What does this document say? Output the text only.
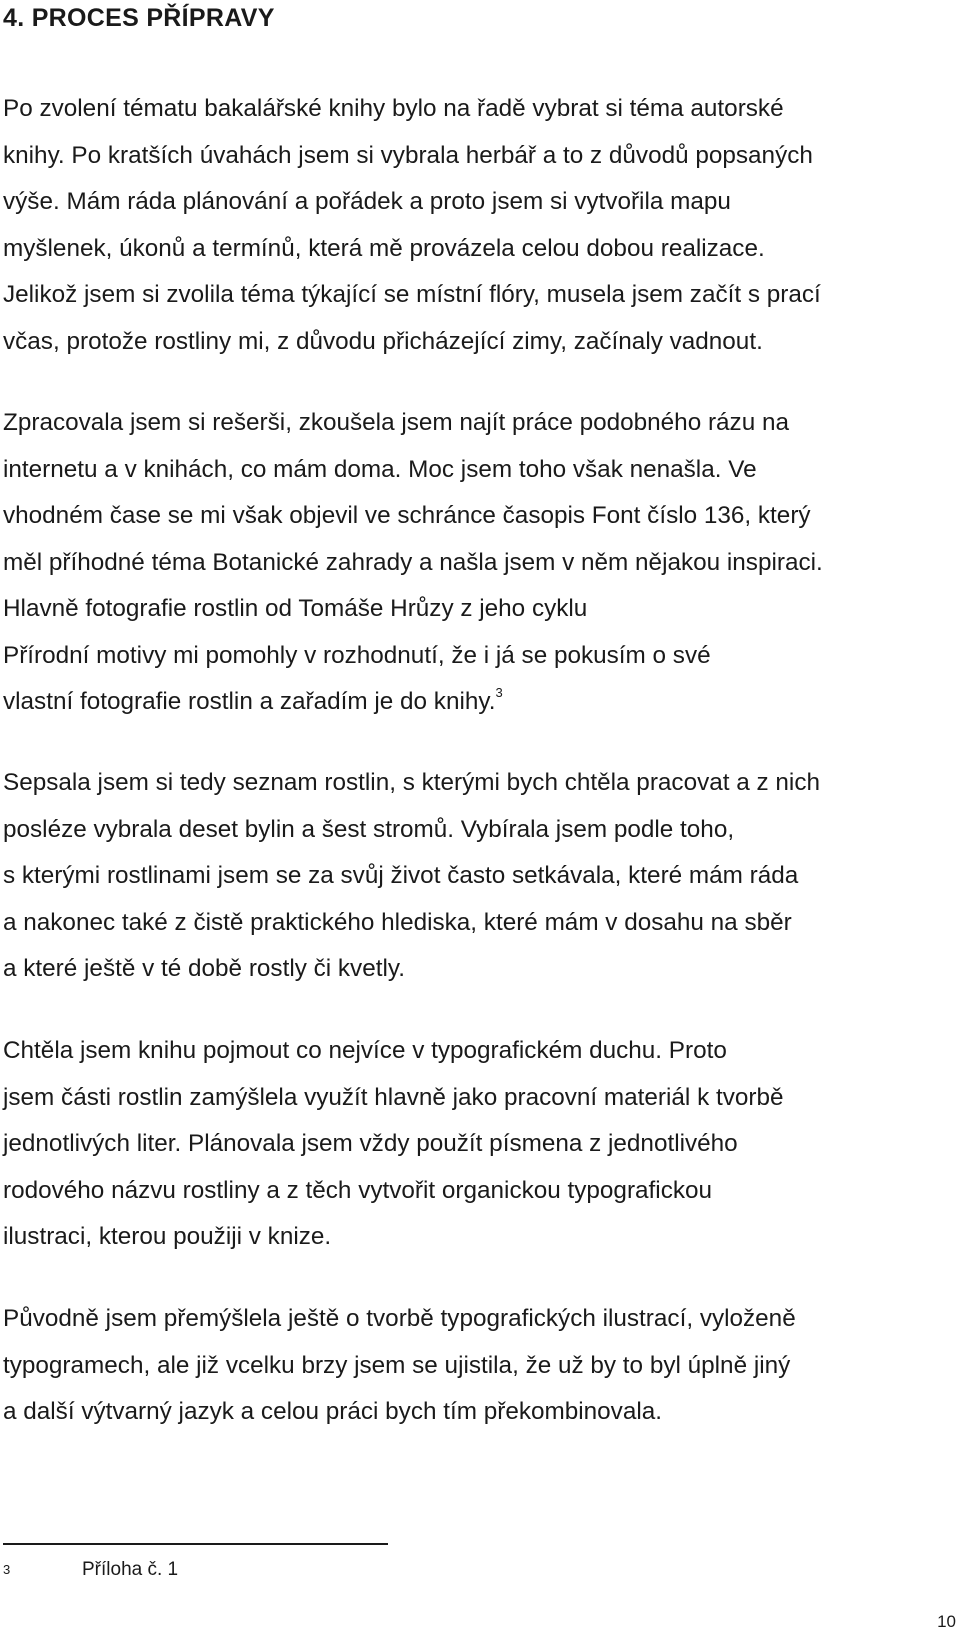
4. PROCES PŘÍPRAVY
Po zvolení tématu bakalářské knihy bylo na řadě vybrat si téma autorské
knihy. Po kratších úvahách jsem si vybrala herbář a to z důvodů popsaných
výše. Mám ráda plánování a pořádek a proto jsem si vytvořila mapu
myšlenek, úkonů a termínů, která mě provázela celou dobou realizace.
Jelikož jsem si zvolila téma týkající se místní flóry, musela jsem začít s prací
včas, protože rostliny mi, z důvodu přicházející zimy, začínaly vadnout.
Zpracovala jsem si rešerši, zkoušela jsem najít práce podobného rázu na
internetu a v knihách, co mám doma. Moc jsem toho však nenašla. Ve
vhodném čase se mi však objevil ve schránce časopis Font číslo 136, který
měl příhodné téma Botanické zahrady a našla jsem v něm nějakou inspiraci.
Hlavně fotografie rostlin od Tomáše Hrůzy z jeho cyklu
Přírodní motivy mi pomohly v rozhodnutí, že i já se pokusím o své
vlastní fotografie rostlin a zařadím je do knihy.$^3$
Sepsala jsem si tedy seznam rostlin, s kterými bych chtěla pracovat a z nich
posléze vybrala deset bylin a šest stromů. Vybírala jsem podle toho,
s kterými rostlinami jsem se za svůj život často setkávala, které mám ráda
a nakonec také z čistě praktického hlediska, které mám v dosahu na sběr
a které ještě v té době rostly či kvetly.
Chtěla jsem knihu pojmout co nejvíce v typografickém duchu. Proto
jsem části rostlin zamýšlela využít hlavně jako pracovní materiál k tvorbě
jednotlivých liter. Plánovala jsem vždy použít písmena z jednotlivého
rodového názvu rostliny a z těch vytvořit organickou typografickou
ilustraci, kterou použiji v knize.
Původně jsem přemýšlela ještě o tvorbě typografických ilustrací, vyloženě
typogramech, ale již vcelku brzy jsem se ujistila, že už by to byl úplně jiný
a další výtvarný jazyk a celou práci bych tím překombinovala.
3	Příloha č. 1
10
